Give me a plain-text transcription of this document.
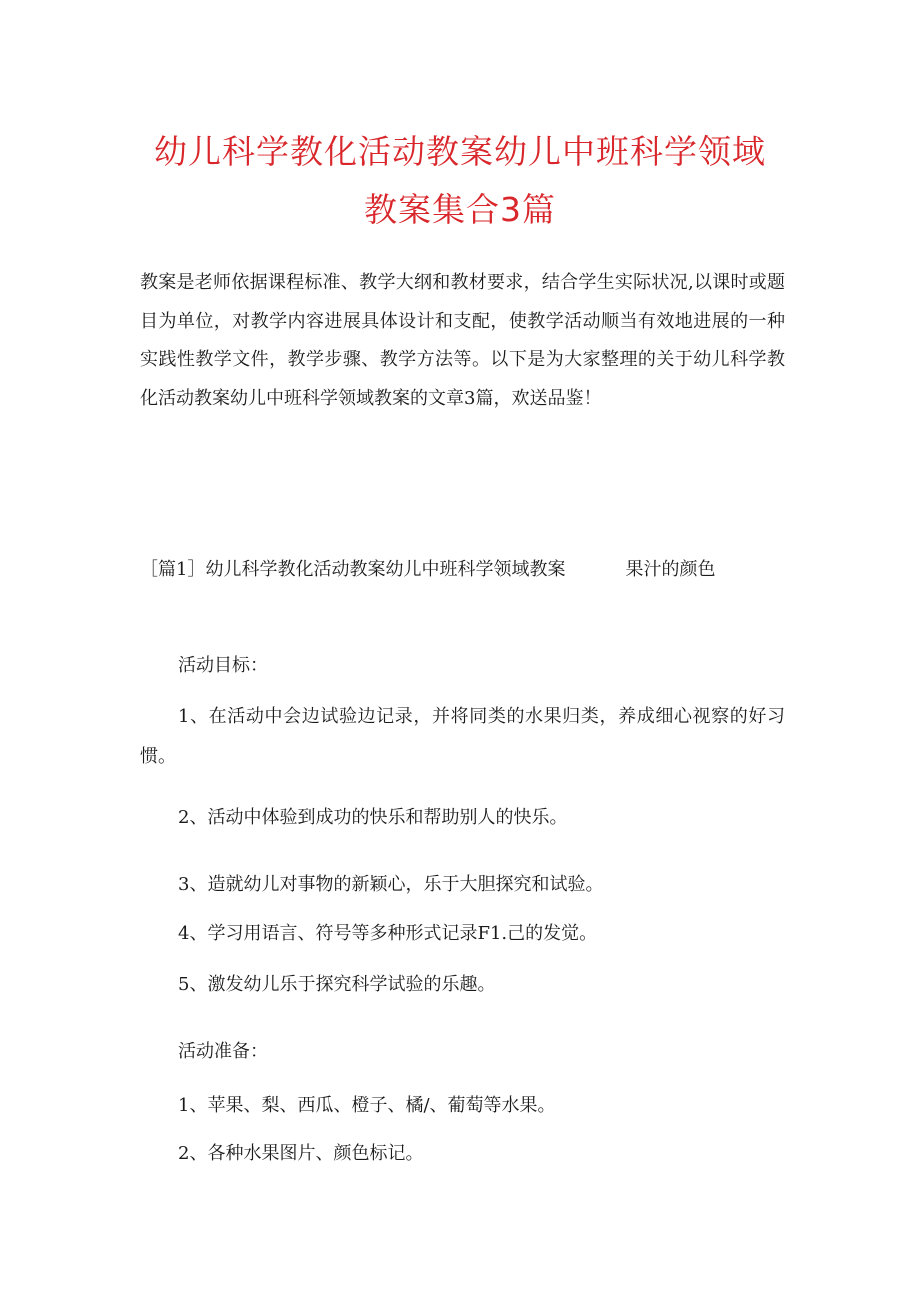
幼儿科学教化活动教案幼儿中班科学领域
教案集合3篇

教案是老师依据课程标准、教学大纲和教材要求，结合学生实际状况,以课时或题目为单位，对教学内容进展具体设计和支配，使教学活动顺当有效地进展的一种实践性教学文件，教学步骤、教学方法等。以下是为大家整理的关于幼儿科学教化活动教案幼儿中班科学领域教案的文章3篇，欢送品鉴！

［篇1］幼儿科学教化活动教案幼儿中班科学领域教案	果汁的颜色

活动目标：

1、在活动中会边试验边记录，并将同类的水果归类，养成细心视察的好习惯。

2、活动中体验到成功的快乐和帮助别人的快乐。

3、造就幼儿对事物的新颖心，乐于大胆探究和试验。

4、学习用语言、符号等多种形式记录F1.己的发觉。

5、激发幼儿乐于探究科学试验的乐趣。

活动准备：

1、苹果、梨、西瓜、橙子、橘/、葡萄等水果。

2、各种水果图片、颜色标记。
